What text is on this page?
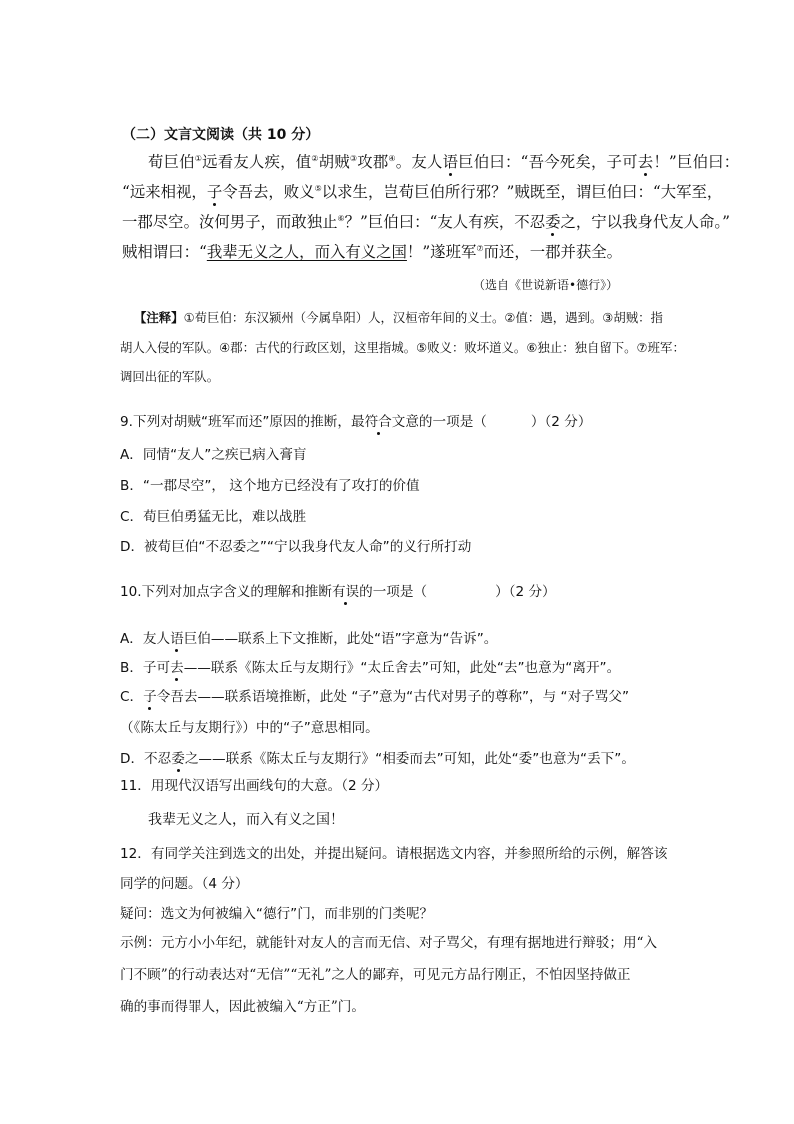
（二）文言文阅读（共 10 分）
荀巨伯①远看友人疾，值②胡贼③攻郡④。友人语巨伯曰：“吾今死矣，子可去！”巨伯曰：
“远来相视，子令吾去，败义⑤以求生，岂荀巨伯所行邪？”贼既至，谓巨伯曰：“大军至，
一郡尽空。汝何男子，而敢独止⑥？”巨伯曰：“友人有疾，不忍委之，宁以我身代友人命。”
贼相谓曰：“我辈无义之人，而入有义之国！”遂班军⑦而还，一郡并获全。
（选自《世说新语•德行》）
【注释】①荀巨伯：东汉颍州（今属阜阳）人，汉桓帝年间的义士。②值：遇，遇到。③胡贼：指
胡人入侵的军队。④郡：古代的行政区划，这里指城。⑤败义：败坏道义。⑥独止：独自留下。⑦班军：
调回出征的军队。
9.下列对胡贼“班军而还”原因的推断，最符合文意的一项是（	）（2 分）
A．同情“友人”之疾已病入膏肓
B．“一郡尽空”， 这个地方已经没有了攻打的价值
C．荀巨伯勇猛无比，难以战胜
D．被荀巨伯“不忍委之”“宁以我身代友人命”的义行所打动
10.下列对加点字含义的理解和推断有误的一项是（	）（2 分）
A．友人语巨伯——联系上下文推断，此处“语”字意为“告诉”。
B．子可去——联系《陈太丘与友期行》“太丘舍去”可知，此处“去”也意为“离开”。
C．子令吾去——联系语境推断，此处 “子”意为“古代对男子的尊称”，与 “对子骂父”
（《陈太丘与友期行》）中的“子”意思相同。
D．不忍委之——联系《陈太丘与友期行》“相委而去”可知，此处“委”也意为“丢下”。
11．用现代汉语写出画线句的大意。（2 分）
我辈无义之人，而入有义之国！
12．有同学关注到选文的出处，并提出疑问。请根据选文内容，并参照所给的示例，解答该
同学的问题。（4 分）
疑问：选文为何被编入“德行”门，而非别的门类呢？
示例：元方小小年纪，就能针对友人的言而无信、对子骂父，有理有据地进行辩驳；用“入
门不顾”的行动表达对“无信”“无礼”之人的鄙弃，可见元方品行刚正，不怕因坚持做正
确的事而得罪人，因此被编入“方正”门。
